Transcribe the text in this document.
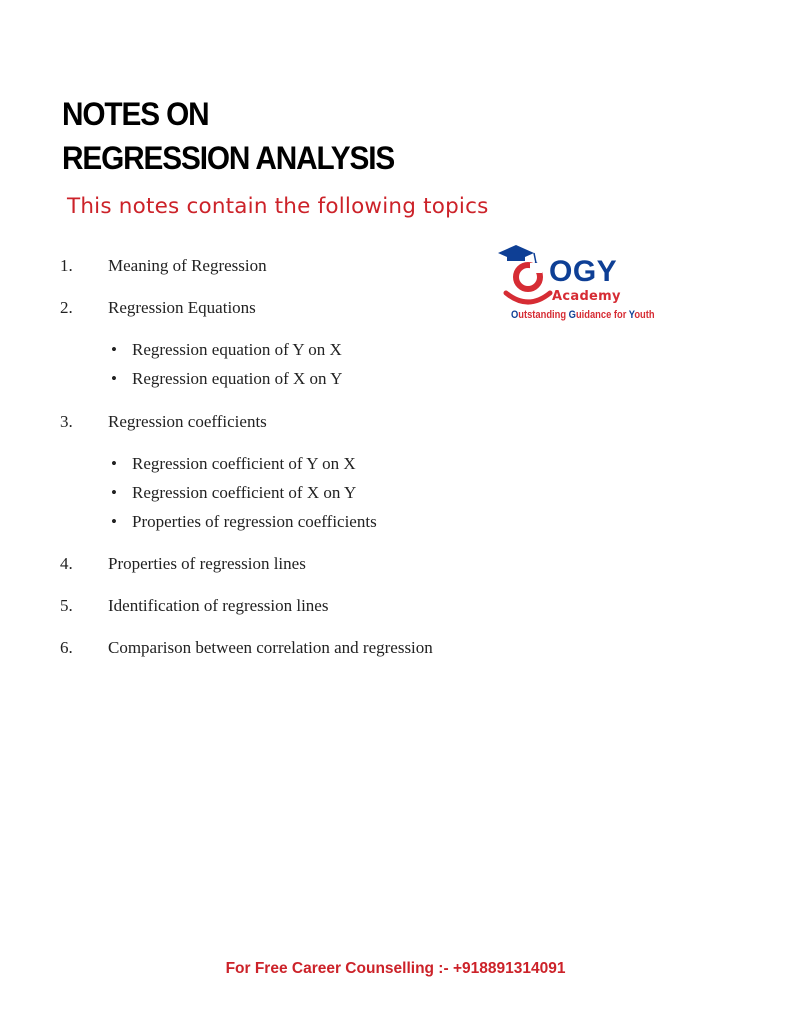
NOTES ON
REGRESSION ANALYSIS
This notes contain the following topics
1. Meaning of Regression
2. Regression Equations
• Regression equation of Y on X
• Regression equation of X on Y
3. Regression coefficients
• Regression coefficient of Y on X
• Regression coefficient of X on Y
• Properties of regression coefficients
4. Properties of regression lines
5. Identification of regression lines
6. Comparison between correlation and regression
OGY
Academy
Outstanding Guidance for Youth
For Free Career Counselling :- +918891314091
